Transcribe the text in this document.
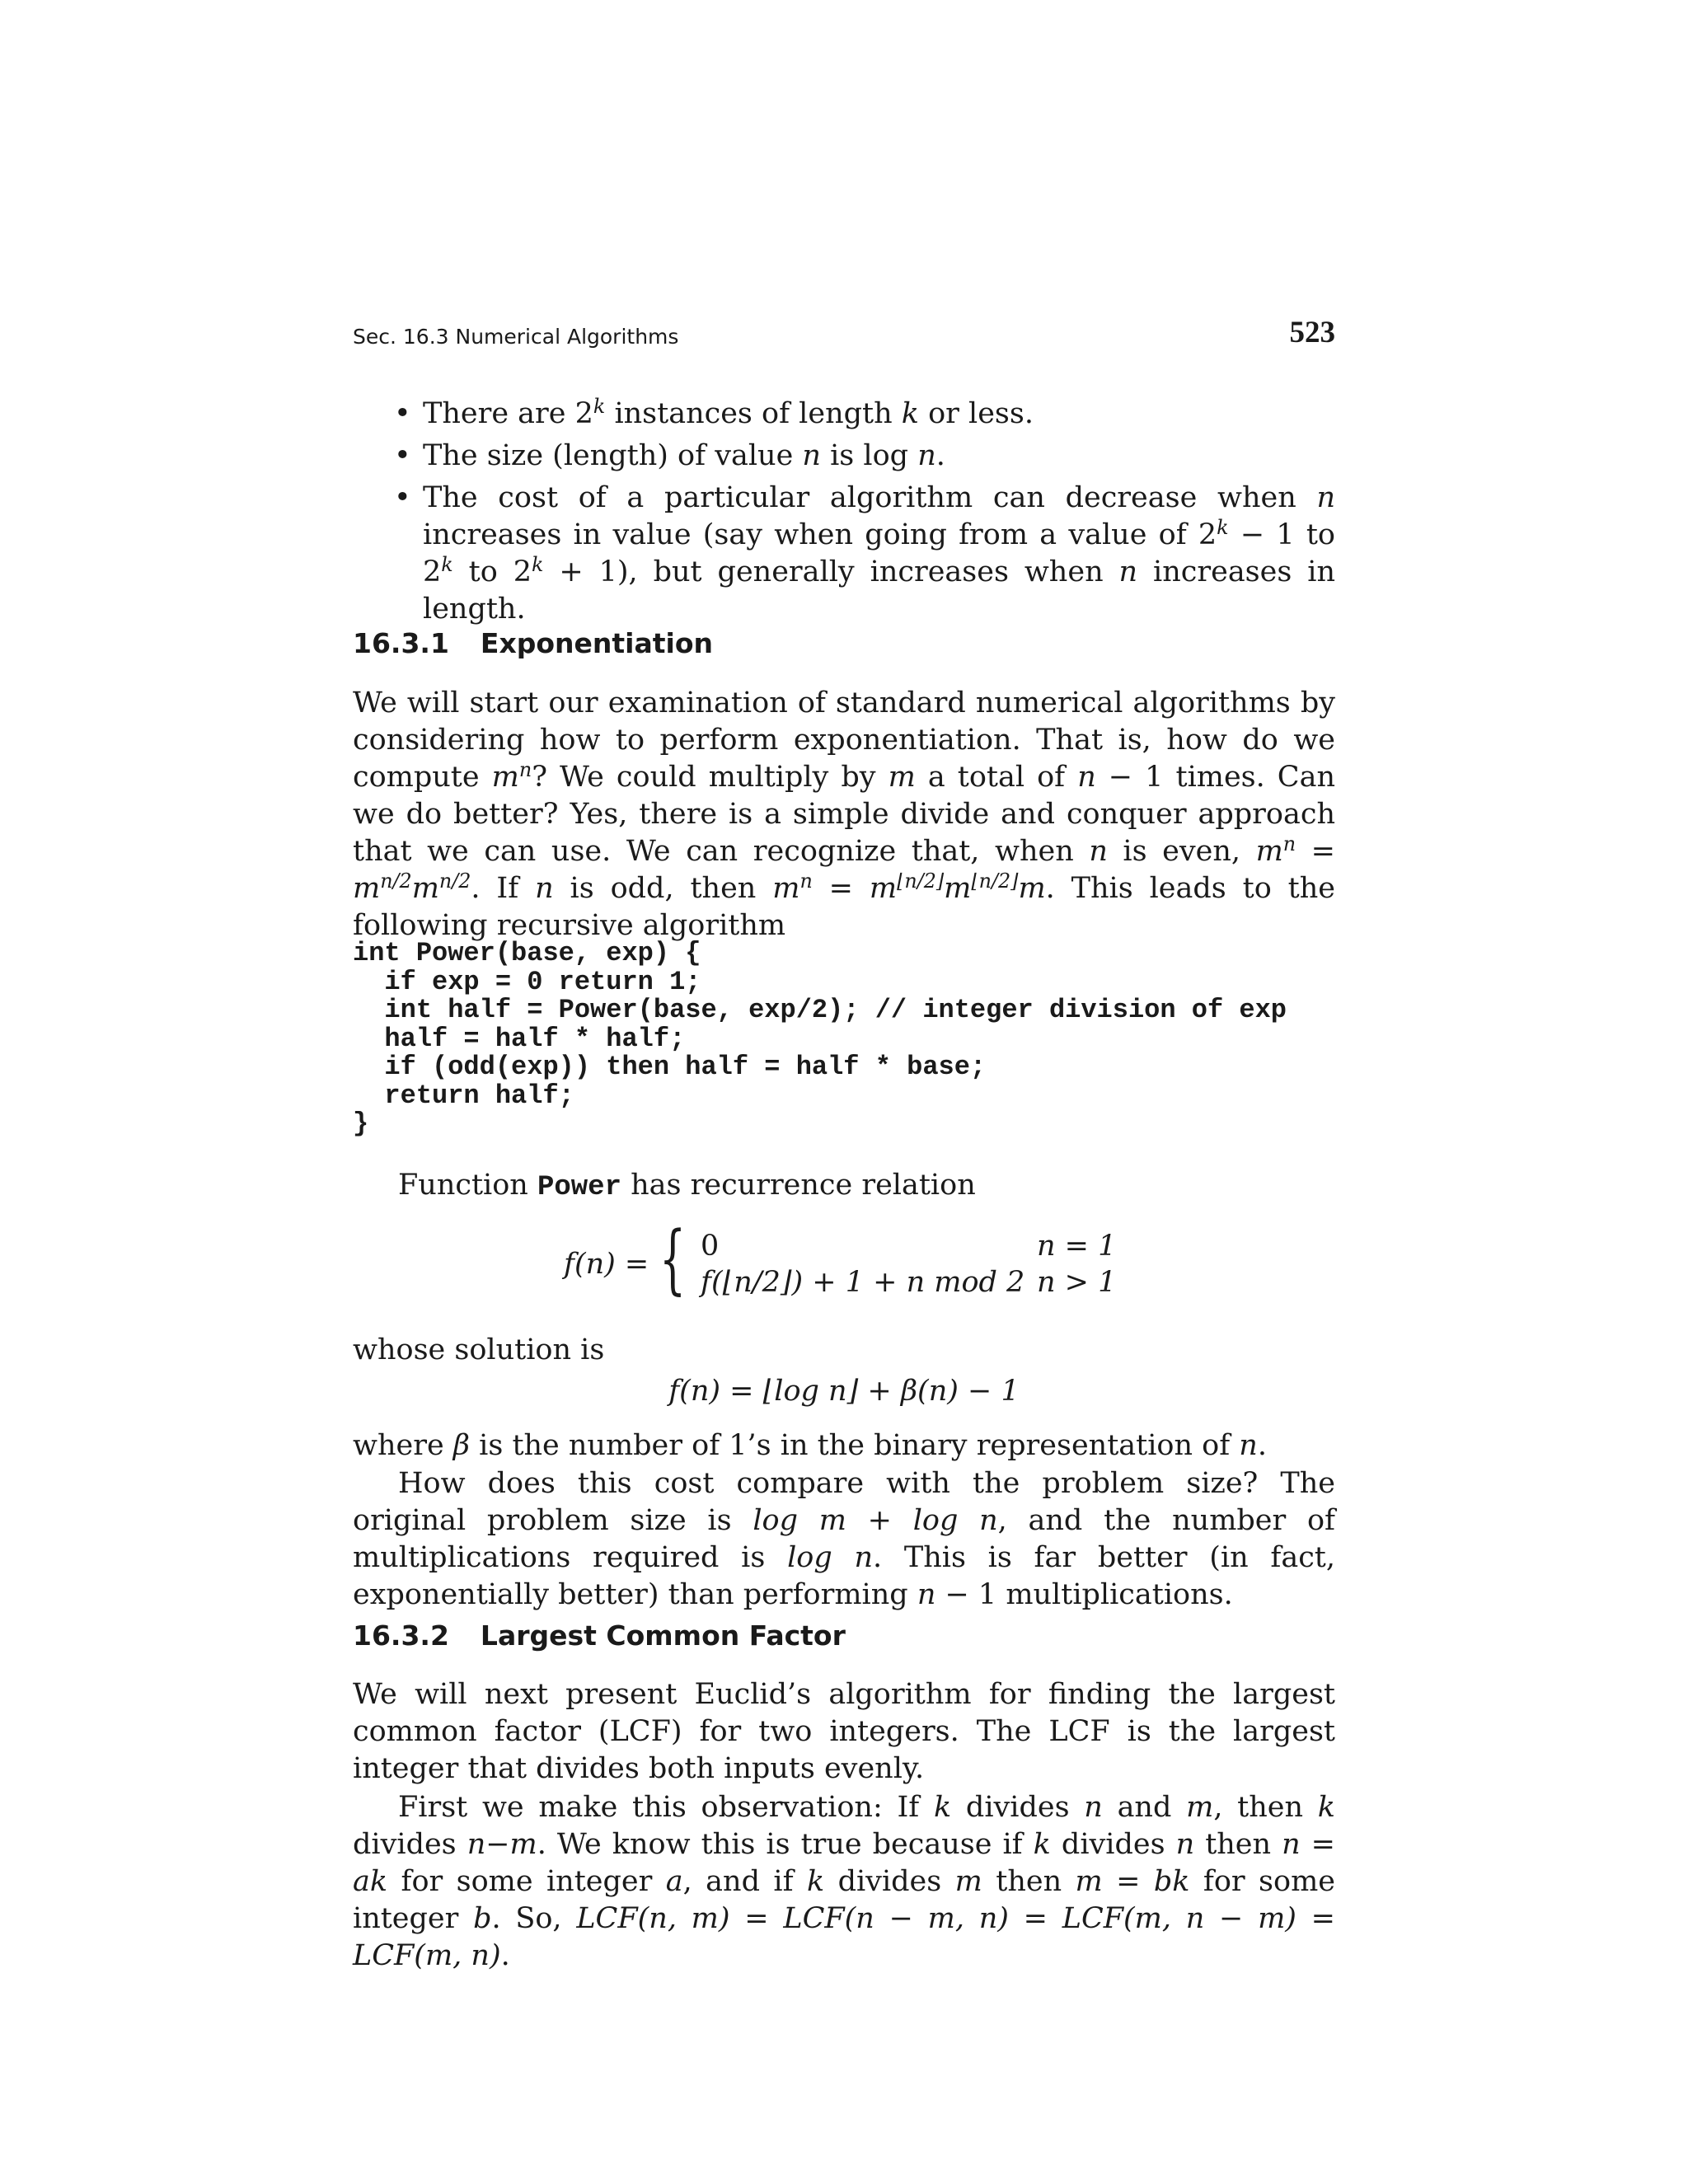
Sec. 16.3 Numerical Algorithms	523
• There are 2$^k$ instances of length k or less.
• The size (length) of value n is log n.
• The cost of a particular algorithm can decrease when n increases in value (say when going from a value of $2^k - 1$ to 2$^k$ to $2^k + 1$), but generally increases when n increases in length.
16.3.1 Exponentiation
We will start our examination of standard numerical algorithms by considering how to perform exponentiation. That is, how do we compute $m^n$? We could multiply by m a total of n − 1 times. Can we do better? Yes, there is a simple divide and conquer approach that we can use. We can recognize that, when n is even, $m^n = m^{n/2}m^{n/2}$. If n is odd, then $m^n = m^{⌊n/2⌋}m^{⌊n/2⌋}m$. This leads to the following recursive algorithm
int Power(base, exp) {
if exp = 0 return 1;
int half = Power(base, exp/2); // integer division of exp
half = half * half;
if (odd(exp)) then half = half * base;
return half;
}
Function Power has recurrence relation
f(n) = { 0	n = 1
f(⌊n/2⌋) + 1 + n mod 2 n > 1
whose solution is
f(n) = ⌊log n⌋ + β(n) − 1
where β is the number of 1’s in the binary representation of n.
How does this cost compare with the problem size? The original problem size is log m + log n, and the number of multiplications required is log n. This is far better (in fact, exponentially better) than performing n − 1 multiplications.
16.3.2 Largest Common Factor
We will next present Euclid’s algorithm for finding the largest common factor (LCF) for two integers. The LCF is the largest integer that divides both inputs evenly.
First we make this observation: If k divides n and m, then k divides n−m. We know this is true because if k divides n then n = ak for some integer a, and if k divides m then m = bk for some integer b. So, LCF(n, m) = LCF(n − m, n) = LCF(m, n − m) = LCF(m, n).
